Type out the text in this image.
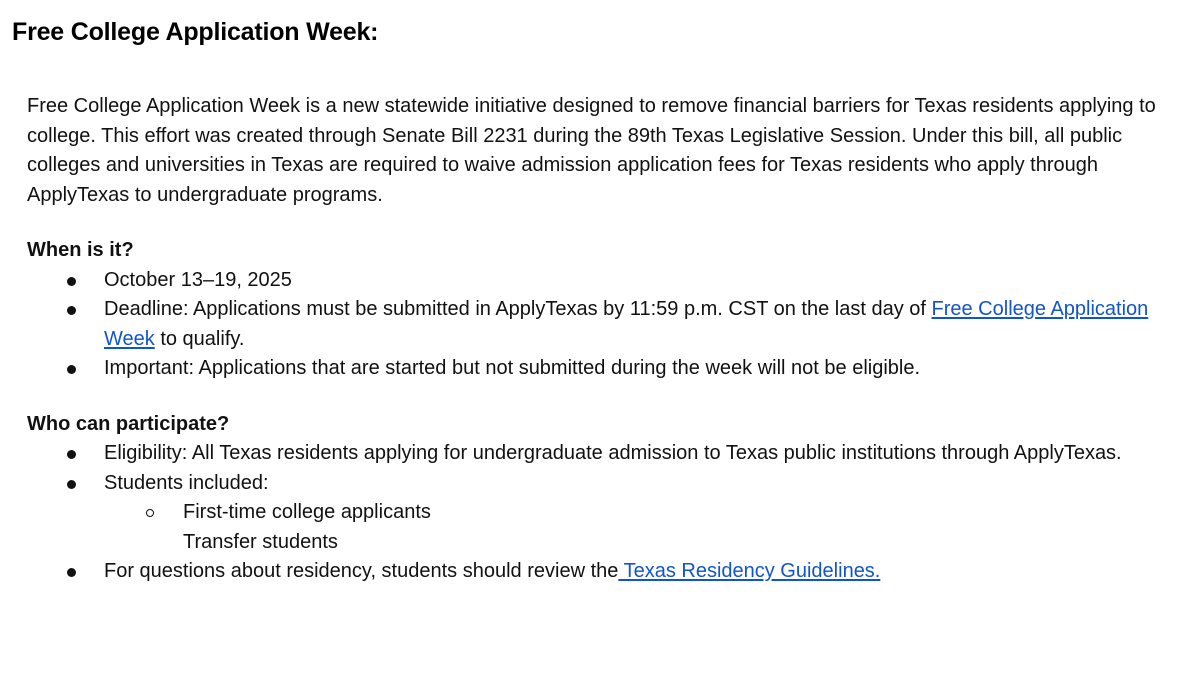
Free College Application Week:

Free College Application Week is a new statewide initiative designed to remove financial barriers for Texas residents applying to college. This effort was created through Senate Bill 2231 during the 89th Texas Legislative Session. Under this bill, all public colleges and universities in Texas are required to waive admission application fees for Texas residents who apply through ApplyTexas to undergraduate programs.

When is it?
October 13–19, 2025
Deadline: Applications must be submitted in ApplyTexas by 11:59 p.m. CST on the last day of Free College Application Week to qualify.
Important: Applications that are started but not submitted during the week will not be eligible.
Who can participate?
Eligibility: All Texas residents applying for undergraduate admission to Texas public institutions through ApplyTexas.
Students included:
First-time college applicants
Transfer students
For questions about residency, students should review the Texas Residency Guidelines.
